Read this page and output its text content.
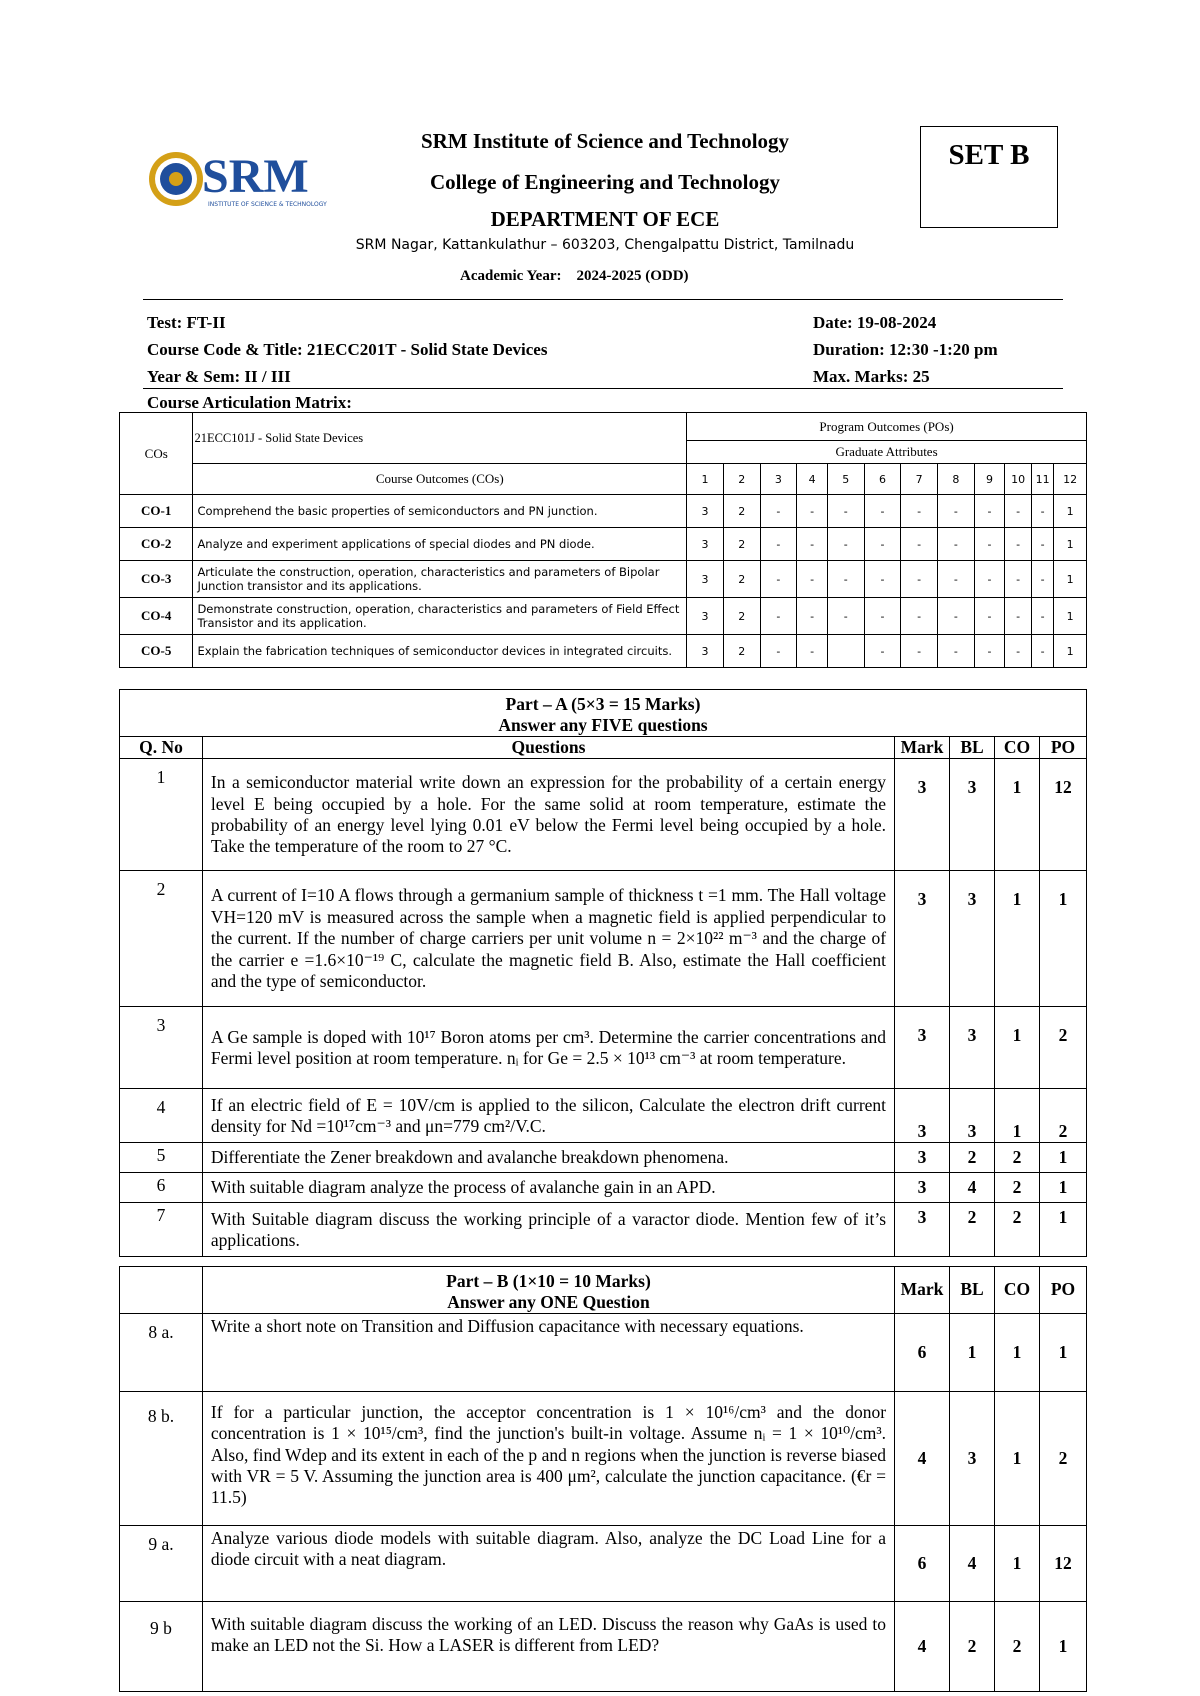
SRM
INSTITUTE OF SCIENCE & TECHNOLOGY
SRM Institute of Science and Technology
College of Engineering and Technology
DEPARTMENT OF ECE
SRM Nagar, Kattankulathur – 603203, Chengalpattu District, Tamilnadu
Academic Year: 2024-2025 (ODD)
SET B
Test: FT-II
Course Code & Title: 21ECC201T - Solid State Devices
Year & Sem: II / III
Date: 19-08-2024
Duration: 12:30 -1:20 pm
Max. Marks: 25
Course Articulation Matrix:
COs	21ECC101J - Solid State Devices	Program Outcomes (POs)											
		Graduate Attributes											
	Course Outcomes (COs)	1	2	3	4	5	6	7	8	9	10	11	12
CO-1	Comprehend the basic properties of semiconductors and PN junction.	3	2	-	-	-	-	-	-	-	-	-	1
CO-2	Analyze and experiment applications of special diodes and PN diode.	3	2	-	-	-	-	-	-	-	-	-	1
CO-3	Articulate the construction, operation, characteristics and parameters of Bipolar Junction transistor and its applications.	3	2	-	-	-	-	-	-	-	-	-	1
CO-4	Demonstrate construction, operation, characteristics and parameters of Field Effect Transistor and its application.	3	2	-	-	-	-	-	-	-	-	-	1
CO-5	Explain the fabrication techniques of semiconductor devices in integrated circuits.	3	2	-	-		-	-	-	-	-	-	1
Part – A (5×3 = 15 Marks)
Answer any FIVE questions					

Q. No	Questions	Mark	BL	CO	PO
1	In a semiconductor material write down an expression for the probability of a certain energy level E being occupied by a hole. For the same solid at room temperature, estimate the probability of an energy level lying 0.01 eV below the Fermi level being occupied by a hole. Take the temperature of the room to 27 °C.	3	3	1	12
2	A current of I=10 A flows through a germanium sample of thickness t =1 mm. The Hall voltage VH=120 mV is measured across the sample when a magnetic field is applied perpendicular to the current. If the number of charge carriers per unit volume n = 2×10²² m⁻³ and the charge of the carrier e =1.6×10⁻¹⁹ C, calculate the magnetic field B. Also, estimate the Hall coefficient and the type of semiconductor.	3	3	1	1
3	A Ge sample is doped with 10¹⁷ Boron atoms per cm³. Determine the carrier concentrations and Fermi level position at room temperature. nᵢ for Ge = 2.5 × 10¹³ cm⁻³ at room temperature.	3	3	1	2
4	If an electric field of E = 10V/cm is applied to the silicon, Calculate the electron drift current density for Nd =10¹⁷cm⁻³ and μn=779 cm²/V.C.	3	3	1	2
5	Differentiate the Zener breakdown and avalanche breakdown phenomena.	3	2	2	1
6	With suitable diagram analyze the process of avalanche gain in an APD.	3	4	2	1
7	With Suitable diagram discuss the working principle of a varactor diode. Mention few of it’s applications.	3	2	2	1

	Part – B (1×10 = 10 Marks)
Answer any ONE Question	Mark	BL	CO	PO
8 a.	Write a short note on Transition and Diffusion capacitance with necessary equations.	6	1	1	1
8 b.	If for a particular junction, the acceptor concentration is 1 × 10¹⁶/cm³ and the donor concentration is 1 × 10¹⁵/cm³, find the junction's built-in voltage. Assume nᵢ = 1 × 10¹⁰/cm³. Also, find Wdep and its extent in each of the p and n regions when the junction is reverse biased with VR = 5 V. Assuming the junction area is 400 μm², calculate the junction capacitance. (€r = 11.5)	4	3	1	2
9 a.	Analyze various diode models with suitable diagram. Also, analyze the DC Load Line for a diode circuit with a neat diagram.	6	4	1	12
9 b	With suitable diagram discuss the working of an LED. Discuss the reason why GaAs is used to make an LED not the Si. How a LASER is different from LED?	4	2	2	1
